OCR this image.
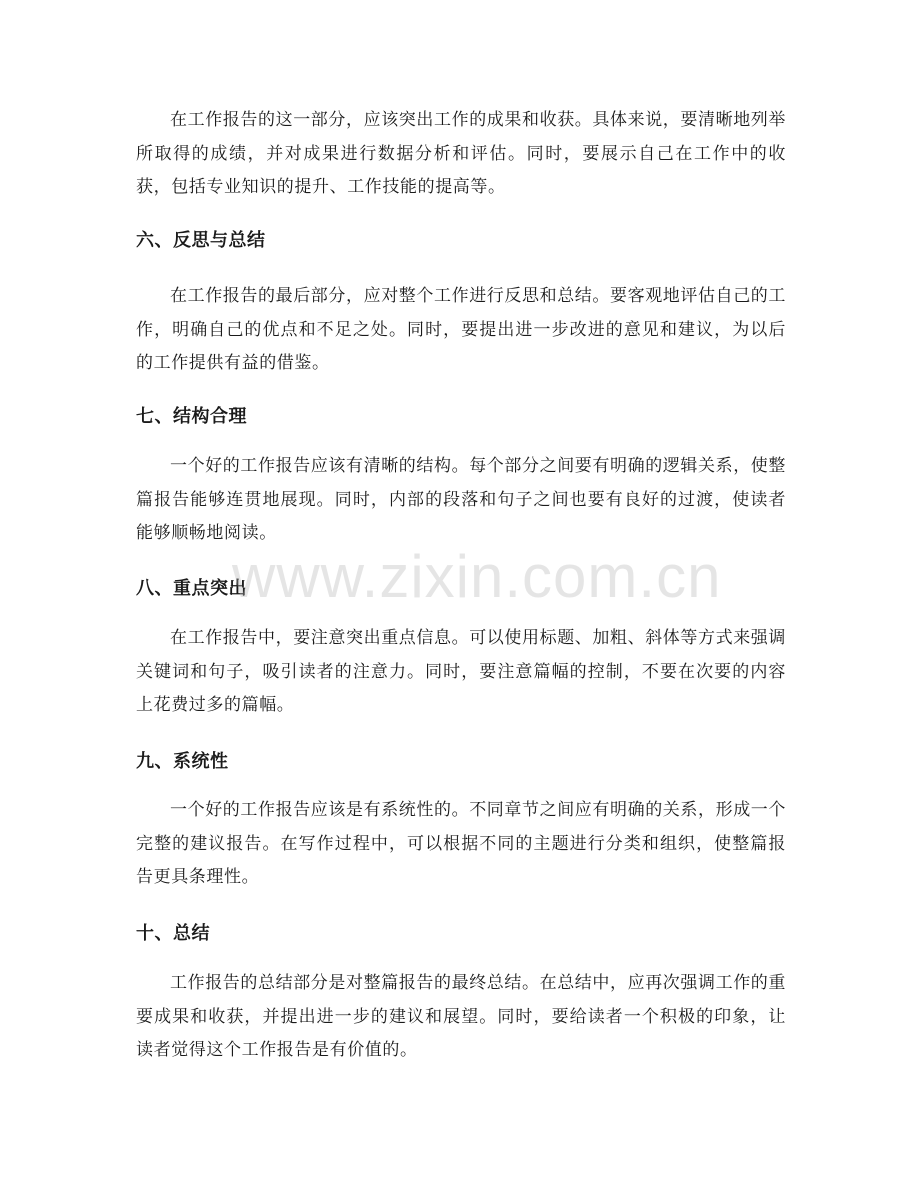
在工作报告的这一部分，应该突出工作的成果和收获。具体来说，要清晰地列举所取得的成绩，并对成果进行数据分析和评估。同时，要展示自己在工作中的收获，包括专业知识的提升、工作技能的提高等。

六、反思与总结

在工作报告的最后部分，应对整个工作进行反思和总结。要客观地评估自己的工作，明确自己的优点和不足之处。同时，要提出进一步改进的意见和建议，为以后的工作提供有益的借鉴。

七、结构合理

一个好的工作报告应该有清晰的结构。每个部分之间要有明确的逻辑关系，使整篇报告能够连贯地展现。同时，内部的段落和句子之间也要有良好的过渡，使读者能够顺畅地阅读。

八、重点突出

在工作报告中，要注意突出重点信息。可以使用标题、加粗、斜体等方式来强调关键词和句子，吸引读者的注意力。同时，要注意篇幅的控制，不要在次要的内容上花费过多的篇幅。

九、系统性

一个好的工作报告应该是有系统性的。不同章节之间应有明确的关系，形成一个完整的建议报告。在写作过程中，可以根据不同的主题进行分类和组织，使整篇报告更具条理性。

十、总结

工作报告的总结部分是对整篇报告的最终总结。在总结中，应再次强调工作的重要成果和收获，并提出进一步的建议和展望。同时，要给读者一个积极的印象，让读者觉得这个工作报告是有价值的。

www.zixin.com.cn
